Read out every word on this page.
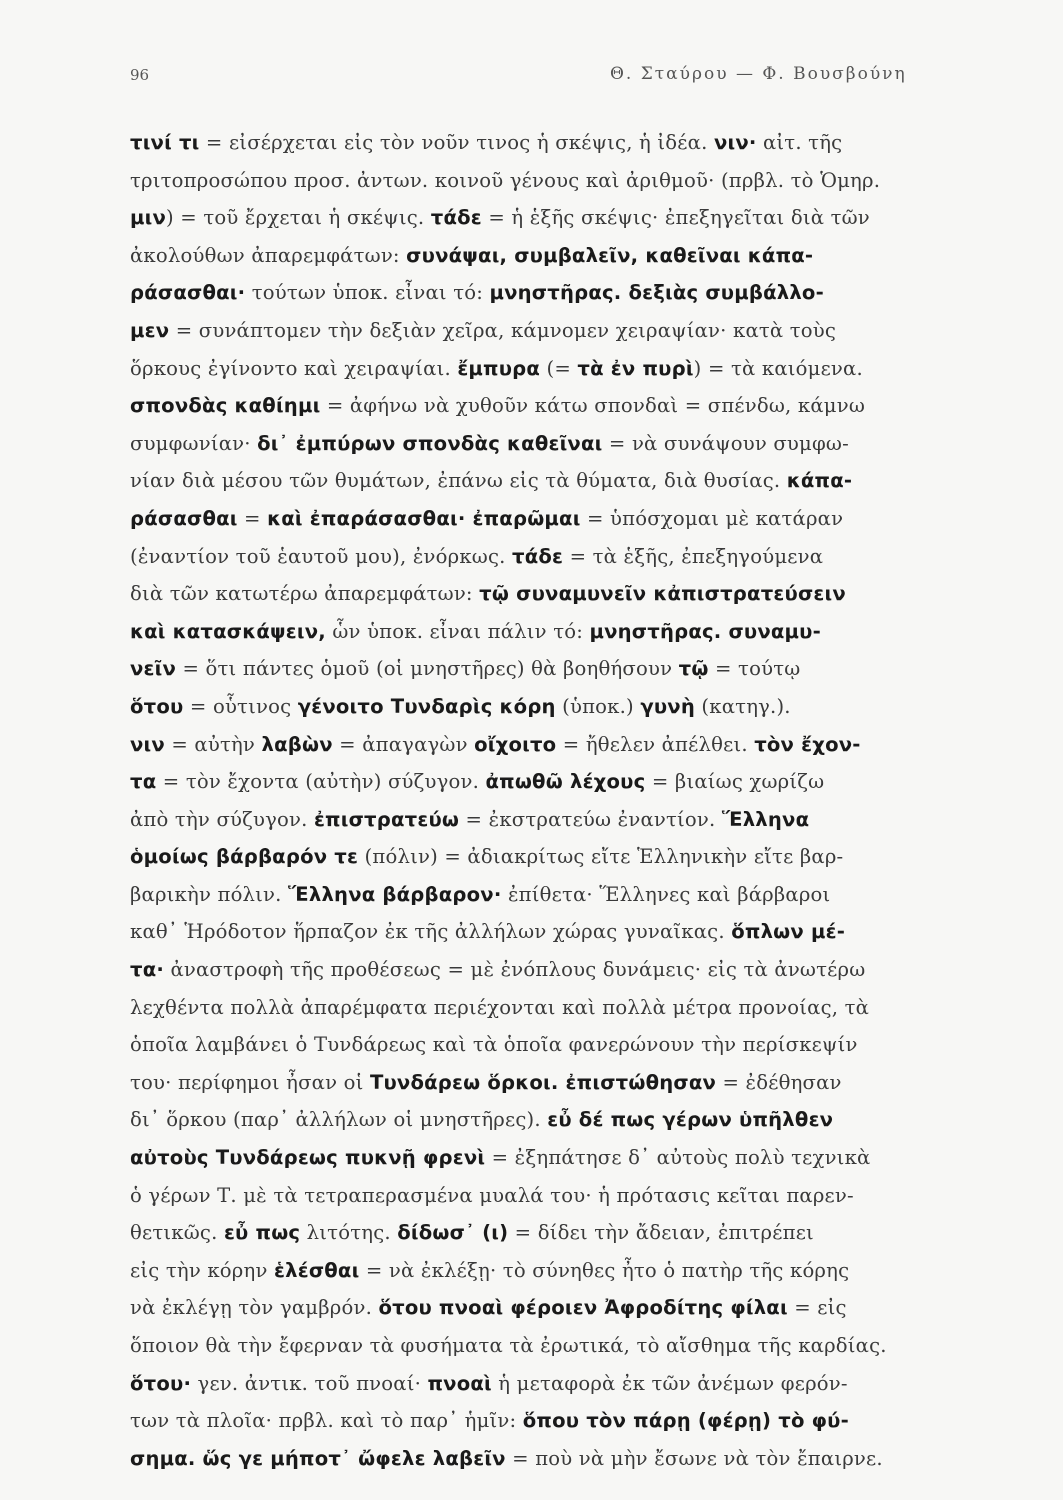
96	Θ. Σταύρου — Φ. Βουσβούνη
τινί τι = εἰσέρχεται εἰς τὸν νοῦν τινος ἡ σκέψις, ἡ ἰδέα. νιν· αἰτ. τῆς
τριτοπροσώπου προσ. ἀντων. κοινοῦ γένους καὶ ἀριθμοῦ· (πρβλ. τὸ Ὁμηρ.
μιν) = τοῦ ἔρχεται ἡ σκέψις. τάδε = ἡ ἑξῆς σκέψις· ἐπεξηγεῖται διὰ τῶν
ἀκολούθων ἀπαρεμφάτων: συνάψαι, συμβαλεῖν, καθεῖναι κάπα-
ράσασθαι· τούτων ὑποκ. εἶναι τό: μνηστῆρας. δεξιὰς συμβάλλο-
μεν = συνάπτομεν τὴν δεξιὰν χεῖρα, κάμνομεν χειραψίαν· κατὰ τοὺς
ὅρκους ἐγίνοντο καὶ χειραψίαι. ἔμπυρα (= τὰ ἐν πυρὶ) = τὰ καιόμενα.
σπονδὰς καθίημι = ἀφήνω νὰ χυθοῦν κάτω σπονδαὶ = σπένδω, κάμνω
συμφωνίαν· δι᾽ ἐμπύρων σπονδὰς καθεῖναι = νὰ συνάψουν συμφω-
νίαν διὰ μέσου τῶν θυμάτων, ἐπάνω εἰς τὰ θύματα, διὰ θυσίας. κάπα-
ράσασθαι = καὶ ἐπαράσασθαι· ἐπαρῶμαι = ὑπόσχομαι μὲ κατάραν
(ἐναντίον τοῦ ἑαυτοῦ μου), ἐνόρκως. τάδε = τὰ ἑξῆς, ἐπεξηγούμενα
διὰ τῶν κατωτέρω ἀπαρεμφάτων: τῷ συναμυνεῖν κἀπιστρατεύσειν
καὶ κατασκάψειν, ὧν ὑποκ. εἶναι πάλιν τό: μνηστῆρας. συναμυ-
νεῖν = ὅτι πάντες ὁμοῦ (οἱ μνηστῆρες) θὰ βοηθήσουν τῷ = τούτῳ
ὅτου = οὗτινος γένοιτο Τυνδαρὶς κόρη (ὑποκ.) γυνὴ (κατηγ.).
νιν = αὐτὴν λαβὼν = ἀπαγαγὼν οἴχοιτο = ἤθελεν ἀπέλθει. τὸν ἔχον-
τα = τὸν ἔχοντα (αὐτὴν) σύζυγον. ἀπωθῶ λέχους = βιαίως χωρίζω
ἀπὸ τὴν σύζυγον. ἐπιστρατεύω = ἐκστρατεύω ἐναντίον. Ἕλληνα
ὁμοίως βάρβαρόν τε (πόλιν) = ἀδιακρίτως εἴτε Ἑλληνικὴν εἴτε βαρ-
βαρικὴν πόλιν. Ἕλληνα βάρβαρον· ἐπίθετα· Ἕλληνες καὶ βάρβαροι
καθ᾽ Ἡρόδοτον ἥρπαζον ἐκ τῆς ἀλλήλων χώρας γυναῖκας. ὅπλων μέ-
τα· ἀναστροφὴ τῆς προθέσεως = μὲ ἐνόπλους δυνάμεις· εἰς τὰ ἀνωτέρω
λεχθέντα πολλὰ ἀπαρέμφατα περιέχονται καὶ πολλὰ μέτρα προνοίας, τὰ
ὁποῖα λαμβάνει ὁ Τυνδάρεως καὶ τὰ ὁποῖα φανερώνουν τὴν περίσκεψίν
του· περίφημοι ἦσαν οἱ Τυνδάρεω ὅρκοι. ἐπιστώθησαν = ἐδέθησαν
δι᾽ ὅρκου (παρ᾽ ἀλλήλων οἱ μνηστῆρες). εὖ δέ πως γέρων ὑπῆλθεν
αὐτοὺς Τυνδάρεως πυκνῇ φρενὶ = ἐξηπάτησε δ᾽ αὐτοὺς πολὺ τεχνικὰ
ὁ γέρων Τ. μὲ τὰ τετραπερασμένα μυαλά του· ἡ πρότασις κεῖται παρεν-
θετικῶς. εὖ πως λιτότης. δίδωσ᾽ (ι) = δίδει τὴν ἄδειαν, ἐπιτρέπει
εἰς τὴν κόρην ἑλέσθαι = νὰ ἐκλέξῃ· τὸ σύνηθες ἦτο ὁ πατὴρ τῆς κόρης
νὰ ἐκλέγῃ τὸν γαμβρόν. ὅτου πνοαὶ φέροιεν Ἀφροδίτης φίλαι = εἰς
ὅποιον θὰ τὴν ἔφερναν τὰ φυσήματα τὰ ἐρωτικά, τὸ αἴσθημα τῆς καρδίας.
ὅτου· γεν. ἀντικ. τοῦ πνοαί· πνοαὶ ἡ μεταφορὰ ἐκ τῶν ἀνέμων φερόν-
των τὰ πλοῖα· πρβλ. καὶ τὸ παρ᾽ ἡμῖν: ὅπου τὸν πάρῃ (φέρῃ) τὸ φύ-
σημα. ὥς γε μήποτ᾽ ὤφελε λαβεῖν = ποὺ νὰ μὴν ἔσωνε νὰ τὸν ἔπαιρνε.
